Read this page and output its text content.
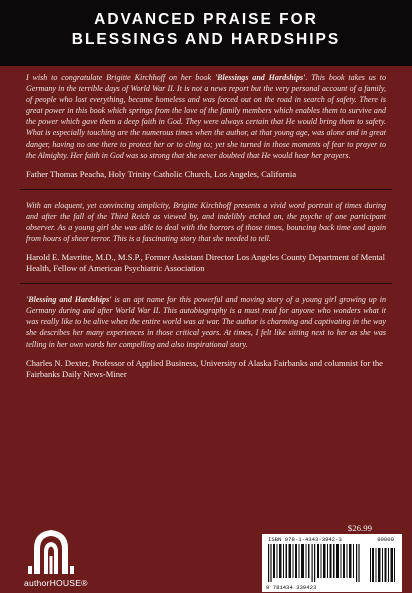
ADVANCED PRAISE FOR
BLESSINGS AND HARDSHIPS
I wish to congratulate Brigitte Kirchhoff on her book 'Blessings and Hardships'. This book takes us to Germany in the terrible days of World War II. It is not a news report but the very personal account of a family, of people who lost everything, became homeless and was forced out on the road in search of safety. There is great power in this book which springs from the love of the family members which enables them to survive and the power which gave them a deep faith in God. They were always certain that He would bring them to safety. What is especially touching are the numerous times when the author, at that young age, was alone and in great danger, having no one there to protect her or to cling to; yet she turned in those moments of fear to prayer to the Almighty. Her faith in God was so strong that she never doubted that He would hear her prayers.
Father Thomas Peacha, Holy Trinity Catholic Church, Los Angeles, California
With an eloquent, yet convincing simplicity, Brigitte Kirchhoff presents a vivid word portrait of times during and after the fall of the Third Reich as viewed by, and indelibly etched on, the psyche of one participant observer. As a young girl she was able to deal with the horrors of those times, bouncing back time and again from hours of sheer terror. This is a fascinating story that she needed to tell.
Harold E. Mavritte, M.D., M.S.P., Former Assistant Director Los Angeles County Department of Mental Health, Fellow of American Psychiatric Association
'Blessing and Hardships' is an apt name for this powerful and moving story of a young girl growing up in Germany during and after World War II. This autobiography is a must read for anyone who wonders what it was really like to be alive when the entire world was at war. The author is charming and captivating in the way she describes her many experiences in those critical years. At times, I felt like sitting next to her as she was telling in her own words her compelling and also inspirational story.
Charles N. Dexter, Professor of Applied Business, University of Alaska Fairbanks and columnist for the Fairbanks Daily News-Miner
$26.99
authorHOUSE®
ISBN 978-1-4343-3942-3	90000
9 781434 339423
